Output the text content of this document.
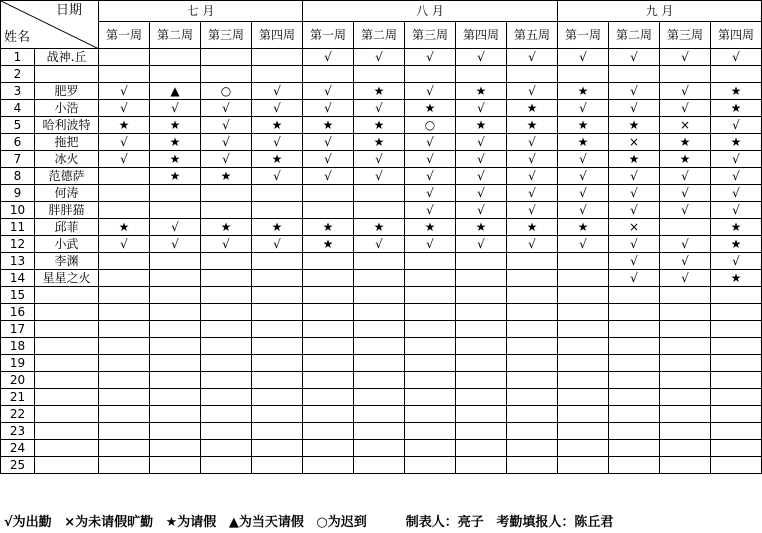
日期
姓名		七 月				八 月					九 月			
		第一周	第二周	第三周	第四周	第一周	第二周	第三周	第四周	第五周	第一周	第二周	第三周	第四周
1	战神.丘					√	√	√	√	√	√	√	√	√
2														
3	肥罗	√	▲	○	√	√	★	√	★	√	★	√	√	★
4	小浩	√	√	√	√	√	√	★	√	★	√	√	√	★
5	哈利波特	★	★	√	★	★	★	○	★	★	★	★	×	√
6	拖把	√	★	√	√	√	★	√	√	√	★	×	★	★
7	冰火	√	★	√	★	√	√	√	√	√	√	★	★	√
8	范德萨		★	★	√	√	√	√	√	√	√	√	√	√
9	何涛							√	√	√	√	√	√	√
10	胖胖猫							√	√	√	√	√	√	√
11	邱菲	★	√	★	★	★	★	★	★	★	★	×		★
12	小武	√	√	√	√	★	√	√	√	√	√	√	√	★
13	李渊											√	√	√
14	星星之火											√	√	★
15														
16														
17														
18														
19														
20														
21														
22														
23														
24														
25														
√为出勤 ×为未请假旷勤 ★为请假 ▲为当天请假 ○为迟到	制表人：亮子 考勤填报人：陈丘君
